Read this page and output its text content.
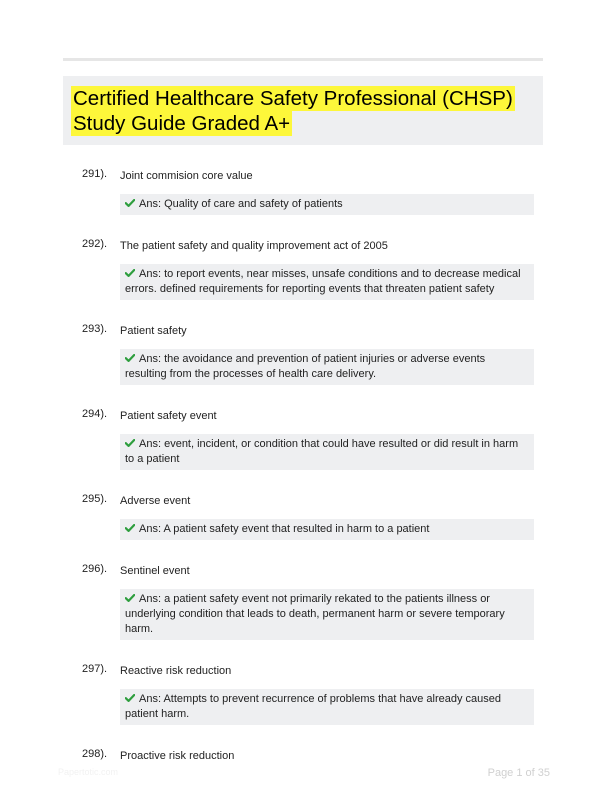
Certified Healthcare Safety Professional (CHSP)
Study Guide Graded A+
291).	Joint commision core value
Ans: Quality of care and safety of patients
292).	The patient safety and quality improvement act of 2005
Ans: to report events, near misses, unsafe conditions and to decrease medical errors. defined requirements for reporting events that threaten patient safety
293).	Patient safety
Ans: the avoidance and prevention of patient injuries or adverse events resulting from the processes of health care delivery.
294).	Patient safety event
Ans: event, incident, or condition that could have resulted or did result in harm to a patient
295).	Adverse event
Ans: A patient safety event that resulted in harm to a patient
296).	Sentinel event
Ans: a patient safety event not primarily rekated to the patients illness or underlying condition that leads to death, permanent harm or severe temporary harm.
297).	Reactive risk reduction
Ans: Attempts to prevent recurrence of problems that have already caused patient harm.
298).	Proactive risk reduction
Papertotic.com	Page 1 of 35
